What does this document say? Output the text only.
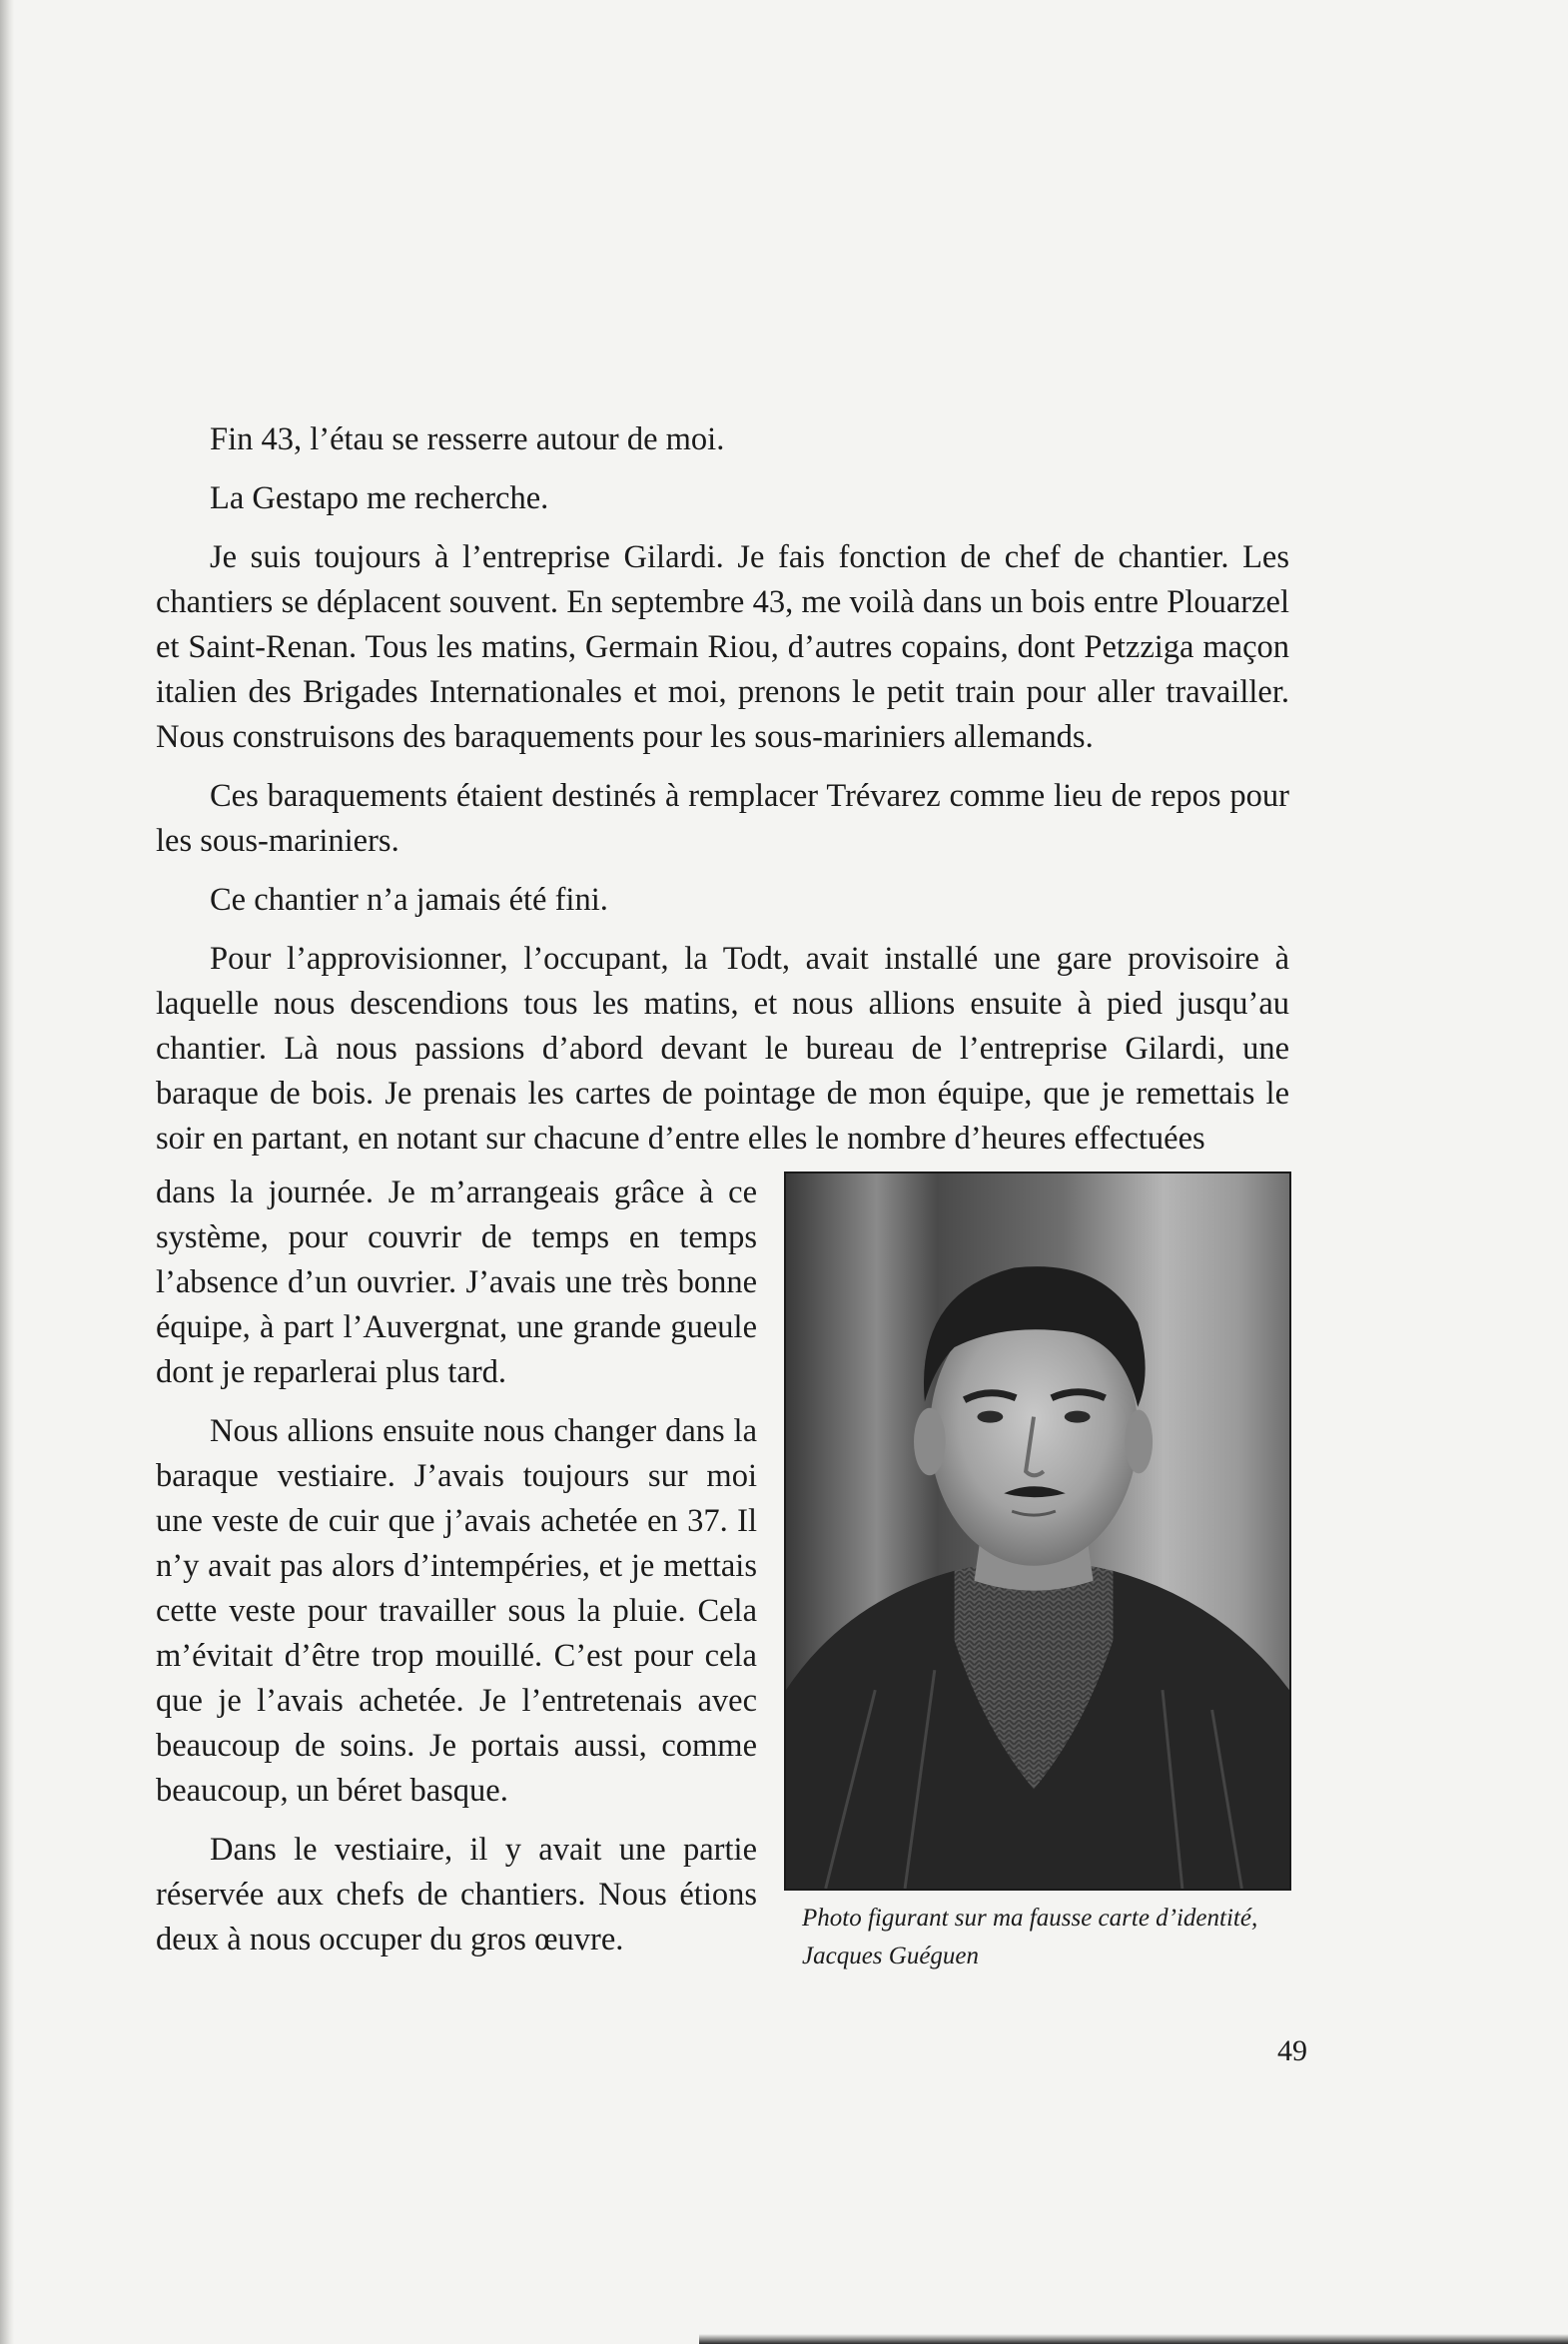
Fin 43, l’étau se resserre autour de moi.

La Gestapo me recherche.

Je suis toujours à l’entreprise Gilardi. Je fais fonction de chef de chantier. Les chantiers se déplacent souvent. En septembre 43, me voilà dans un bois entre Plouarzel et Saint-Renan. Tous les matins, Germain Riou, d’autres copains, dont Petzziga maçon italien des Brigades Internationales et moi, prenons le petit train pour aller travailler. Nous construisons des baraquements pour les sous-mariniers allemands.

Ces baraquements étaient destinés à remplacer Trévarez comme lieu de repos pour les sous-mariniers.

Ce chantier n’a jamais été fini.

Pour l’approvisionner, l’occupant, la Todt, avait installé une gare provisoire à laquelle nous descendions tous les matins, et nous allions ensuite à pied jusqu’au chantier. Là nous passions d’abord devant le bureau de l’entreprise Gilardi, une baraque de bois. Je prenais les cartes de pointage de mon équipe, que je remettais le soir en partant, en notant sur chacune d’entre elles le nombre d’heures effectuées

dans la journée. Je m’arrangeais grâce à ce système, pour couvrir de temps en temps l’absence d’un ouvrier. J’avais une très bonne équipe, à part l’Auvergnat, une grande gueule dont je reparlerai plus tard.

Nous allions ensuite nous changer dans la baraque vestiaire. J’avais toujours sur moi une veste de cuir que j’avais achetée en 37. Il n’y avait pas alors d’intempéries, et je mettais cette veste pour travailler sous la pluie. Cela m’évitait d’être trop mouillé. C’est pour cela que je l’avais achetée. Je l’entretenais avec beaucoup de soins. Je portais aussi, comme beaucoup, un béret basque.

Dans le vestiaire, il y avait une partie réservée aux chefs de chantiers. Nous étions deux à nous occuper du gros œuvre.

Photo figurant sur ma fausse carte d’identité,
Jacques Guéguen
49
